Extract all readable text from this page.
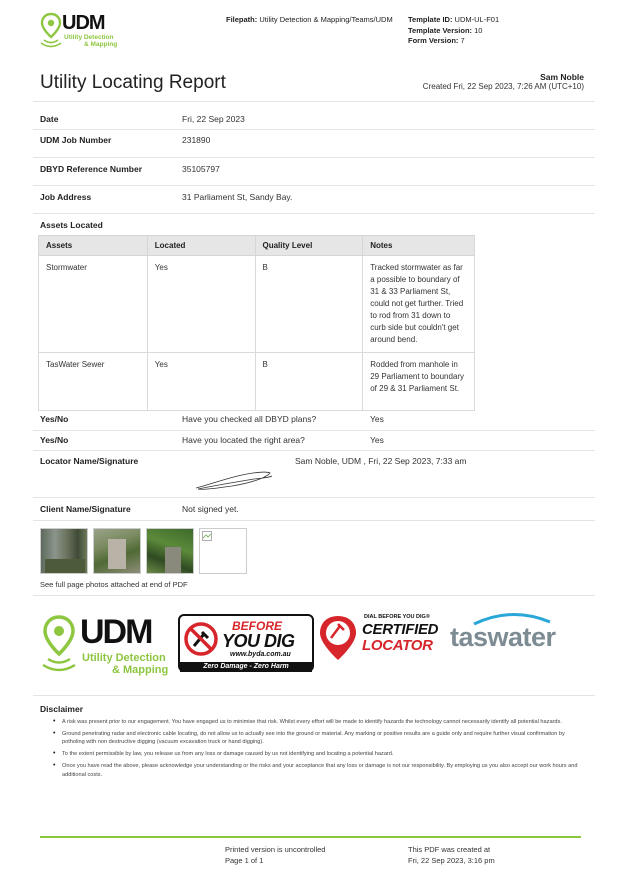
UDM
Utility Detection
& Mapping
Filepath: Utility Detection & Mapping/Teams/UDM Template ID: UDM-UL-F01
Template Version: 10
Form Version: 7
Utility Locating Report	Sam Noble
Created Fri, 22 Sep 2023, 7:26 AM (UTC+10)
Date	Fri, 22 Sep 2023
UDM Job Number	231890
DBYD Reference Number	35105797
Job Address	31 Parliament St, Sandy Bay.
Assets Located
Assets	Located	Quality Level	Notes
Stormwater	Yes	B	Tracked stormwater as far a possible to boundary of 31 & 33 Parliament St, could not get further. Tried to rod from 31 down to curb side but couldn't get around bend.
TasWater Sewer	Yes	B	Rodded from manhole in 29 Parliament to boundary of 29 & 31 Parliament St.
Yes/No	Have you checked all DBYD plans?	Yes
Yes/No	Have you located the right area?	Yes
Locator Name/Signature	Sam Noble, UDM , Fri, 22 Sep 2023, 7:33 am
Client Name/Signature	Not signed yet.
See full page photos attached at end of PDF
UDM
Utility Detection
& Mapping
BEFORE
YOU DIG
www.byda.com.au
Zero Damage - Zero Harm
DIAL BEFORE YOU DIG®
CERTIFIED
LOCATOR taswater
Disclaimer
• A risk was present prior to our engagement. You have engaged us to minimise that risk. Whilst every effort will be made to identify hazards the technology cannot necessarily identify all potential hazards.
• Ground penetrating radar and electronic cable locating, do not allow us to actually see into the ground or material. Any marking or positive results are a guide only and require further visual confirmation by potholing with non destructive digging (vacuum excavation truck or hand digging).
• To the extent permissible by law, you release us from any loss or damage caused by us not identifying and locating a potential hazard.
• Once you have read the above, please acknowledge your understanding or the risks and your acceptance that any loss or damage is not our responsibility. By employing us you also accept our work hours and additional costs.
Printed version is uncontrolled
Page 1 of 1
This PDF was created at
Fri, 22 Sep 2023, 3:16 pm
